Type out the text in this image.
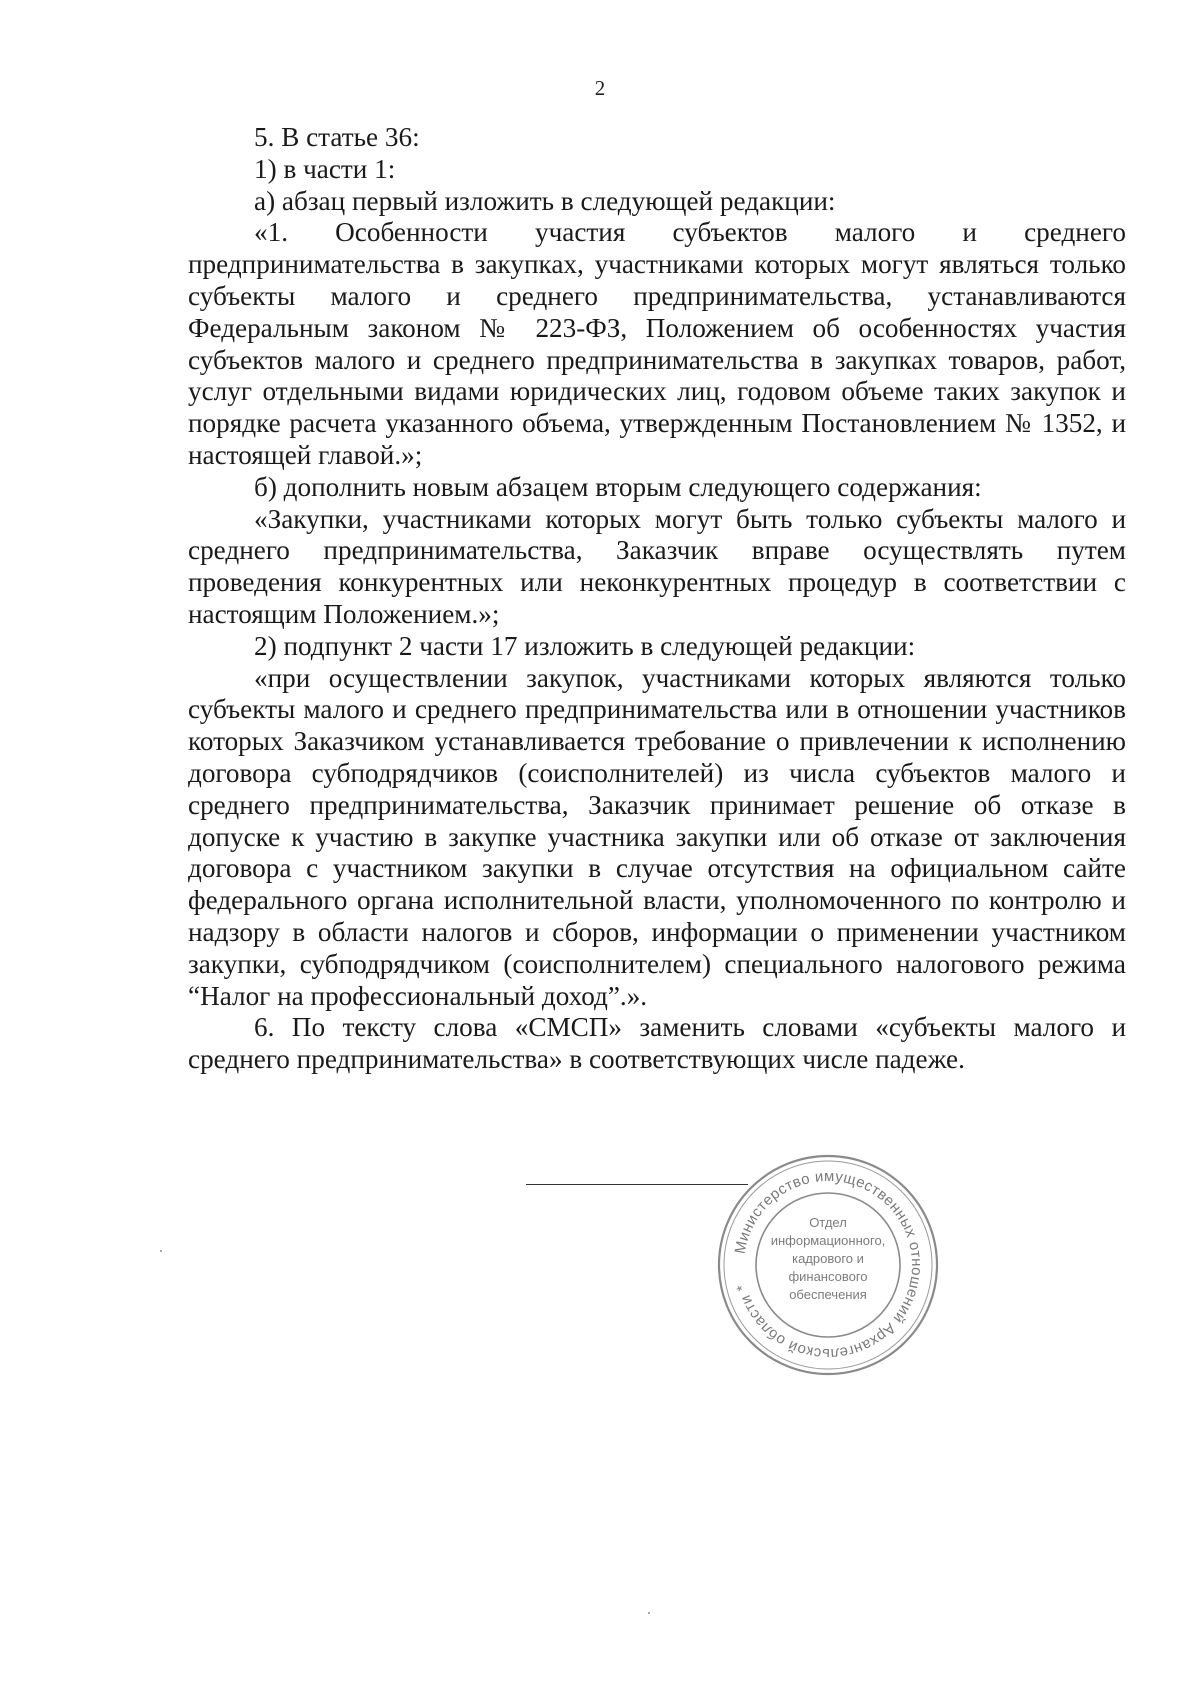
2

5. В статье 36:

1) в части 1:

а) абзац первый изложить в следующей редакции:

«1. Особенности участия субъектов малого и среднего предпринимательства в закупках, участниками которых могут являться только субъекты малого и среднего предпринимательства, устанавливаются Федеральным законом № 223-ФЗ, Положением об особенностях участия субъектов малого и среднего предпринимательства в закупках товаров, работ, услуг отдельными видами юридических лиц, годовом объеме таких закупок и порядке расчета указанного объема, утвержденным Постановлением № 1352, и настоящей главой.»;

б) дополнить новым абзацем вторым следующего содержания:

«Закупки, участниками которых могут быть только субъекты малого и среднего предпринимательства, Заказчик вправе осуществлять путем проведения конкурентных или неконкурентных процедур в соответствии с настоящим Положением.»;

2) подпункт 2 части 17 изложить в следующей редакции:

«при осуществлении закупок, участниками которых являются только субъекты малого и среднего предпринимательства или в отношении участников которых Заказчиком устанавливается требование о привлечении к исполнению договора субподрядчиков (соисполнителей) из числа субъектов малого и среднего предпринимательства, Заказчик принимает решение об отказе в допуске к участию в закупке участника закупки или об отказе от заключения договора с участником закупки в случае отсутствия на официальном сайте федерального органа исполнительной власти, уполномоченного по контролю и надзору в области налогов и сборов, информации о применении участником закупки, субподрядчиком (соисполнителем) специального налогового режима “Налог на профессиональный доход”.».

6. По тексту слова «СМСП» заменить словами «субъекты малого и среднего предпринимательства» в соответствующих числе падеже.

Министерство имущественных отношений Архангельской области *
Отдел
информационного,
кадрового и
финансового
обеспечения
